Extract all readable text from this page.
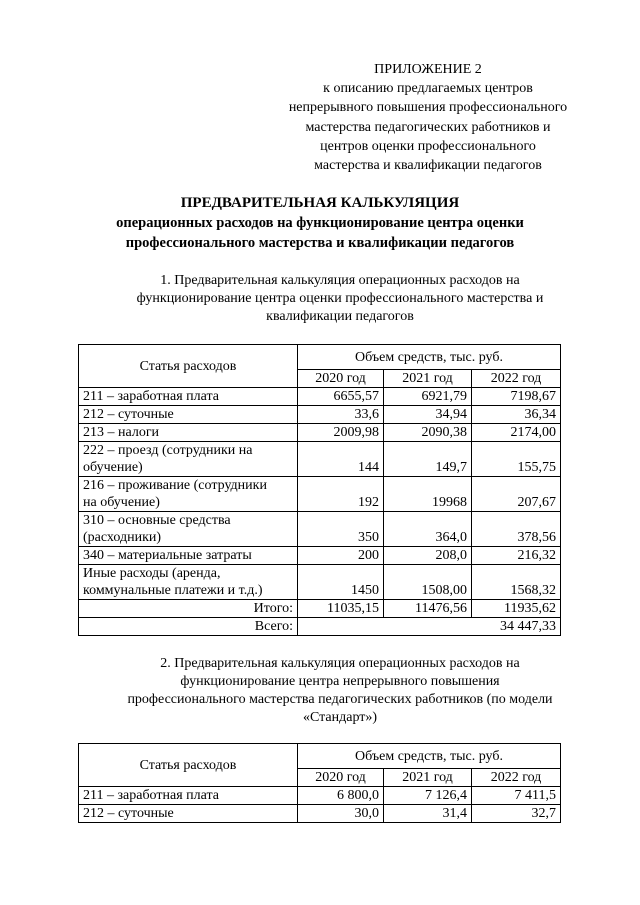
ПРИЛОЖЕНИЕ 2
к описанию предлагаемых центров
непрерывного повышения профессионального
мастерства педагогических работников и
центров оценки профессионального
мастерства и квалификации педагогов
ПРЕДВАРИТЕЛЬНАЯ КАЛЬКУЛЯЦИЯ
операционных расходов на функционирование центра оценки
профессионального мастерства и квалификации педагогов
1. Предварительная калькуляция операционных расходов на
функционирование центра оценки профессионального мастерства и
квалификации педагогов
Статья расходов	Объем средств, тыс. руб.		
	2020 год	2021 год	2022 год
211 – заработная плата	6655,57	6921,79	7198,67
212 – суточные	33,6	34,94	36,34
213 – налоги	2009,98	2090,38	2174,00

222 – проезд (сотрудники на
обучение)	144	149,7	155,75

216 – проживание (сотрудники
на обучение)	192	19968	207,67

310 – основные средства
(расходники)	350	364,0	378,56
340 – материальные затраты	200	208,0	216,32

Иные расходы (аренда,
коммунальные платежи и т.д.)	1450	1508,00	1568,32
Итого:	11035,15	11476,56	11935,62
Всего:	34 447,33		
2. Предварительная калькуляция операционных расходов на
функционирование центра непрерывного повышения
профессионального мастерства педагогических работников (по модели
«Стандарт»)
Статья расходов	Объем средств, тыс. руб.		
	2020 год	2021 год	2022 год
211 – заработная плата	6 800,0	7 126,4	7 411,5
212 – суточные	30,0	31,4	32,7
